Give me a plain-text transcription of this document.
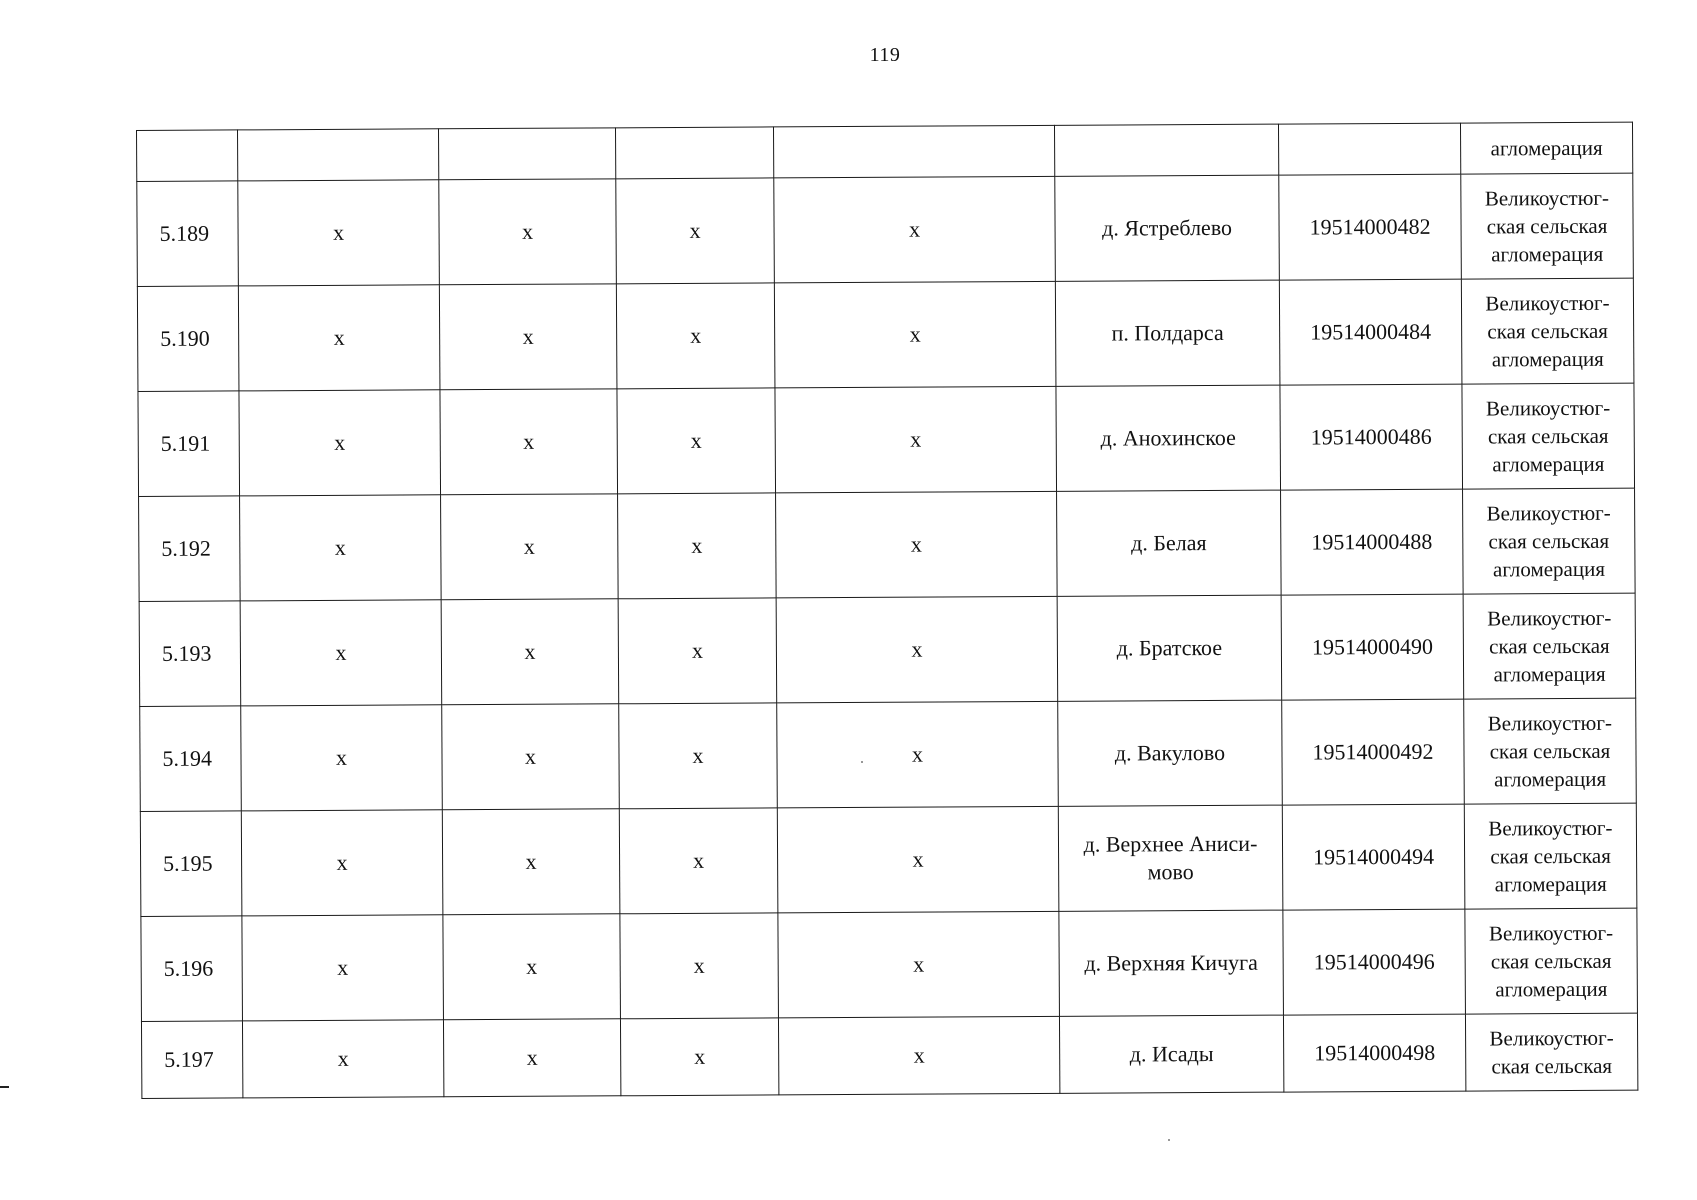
119
							агломерация
5.189	х	х	х	х	д. Ястреблево	19514000482	Великоустюг-
ская сельская
агломерация
5.190	х	х	х	х	п. Полдарса	19514000484	Великоустюг-
ская сельская
агломерация
5.191	х	х	х	х	д. Анохинское	19514000486	Великоустюг-
ская сельская
агломерация
5.192	х	х	х	х	д. Белая	19514000488	Великоустюг-
ская сельская
агломерация
5.193	х	х	х	х	д. Братское	19514000490	Великоустюг-
ская сельская
агломерация
5.194	х	х	х	х	д. Вакулово	19514000492	Великоустюг-
ская сельская
агломерация
5.195	х	х	х	х	д. Верхнее Аниси-
мово	19514000494	Великоустюг-
ская сельская
агломерация
5.196	х	х	х	х	д. Верхняя Кичуга	19514000496	Великоустюг-
ская сельская
агломерация
5.197	х	х	х	х	д. Исады	19514000498	Великоустюг-
ская сельская
